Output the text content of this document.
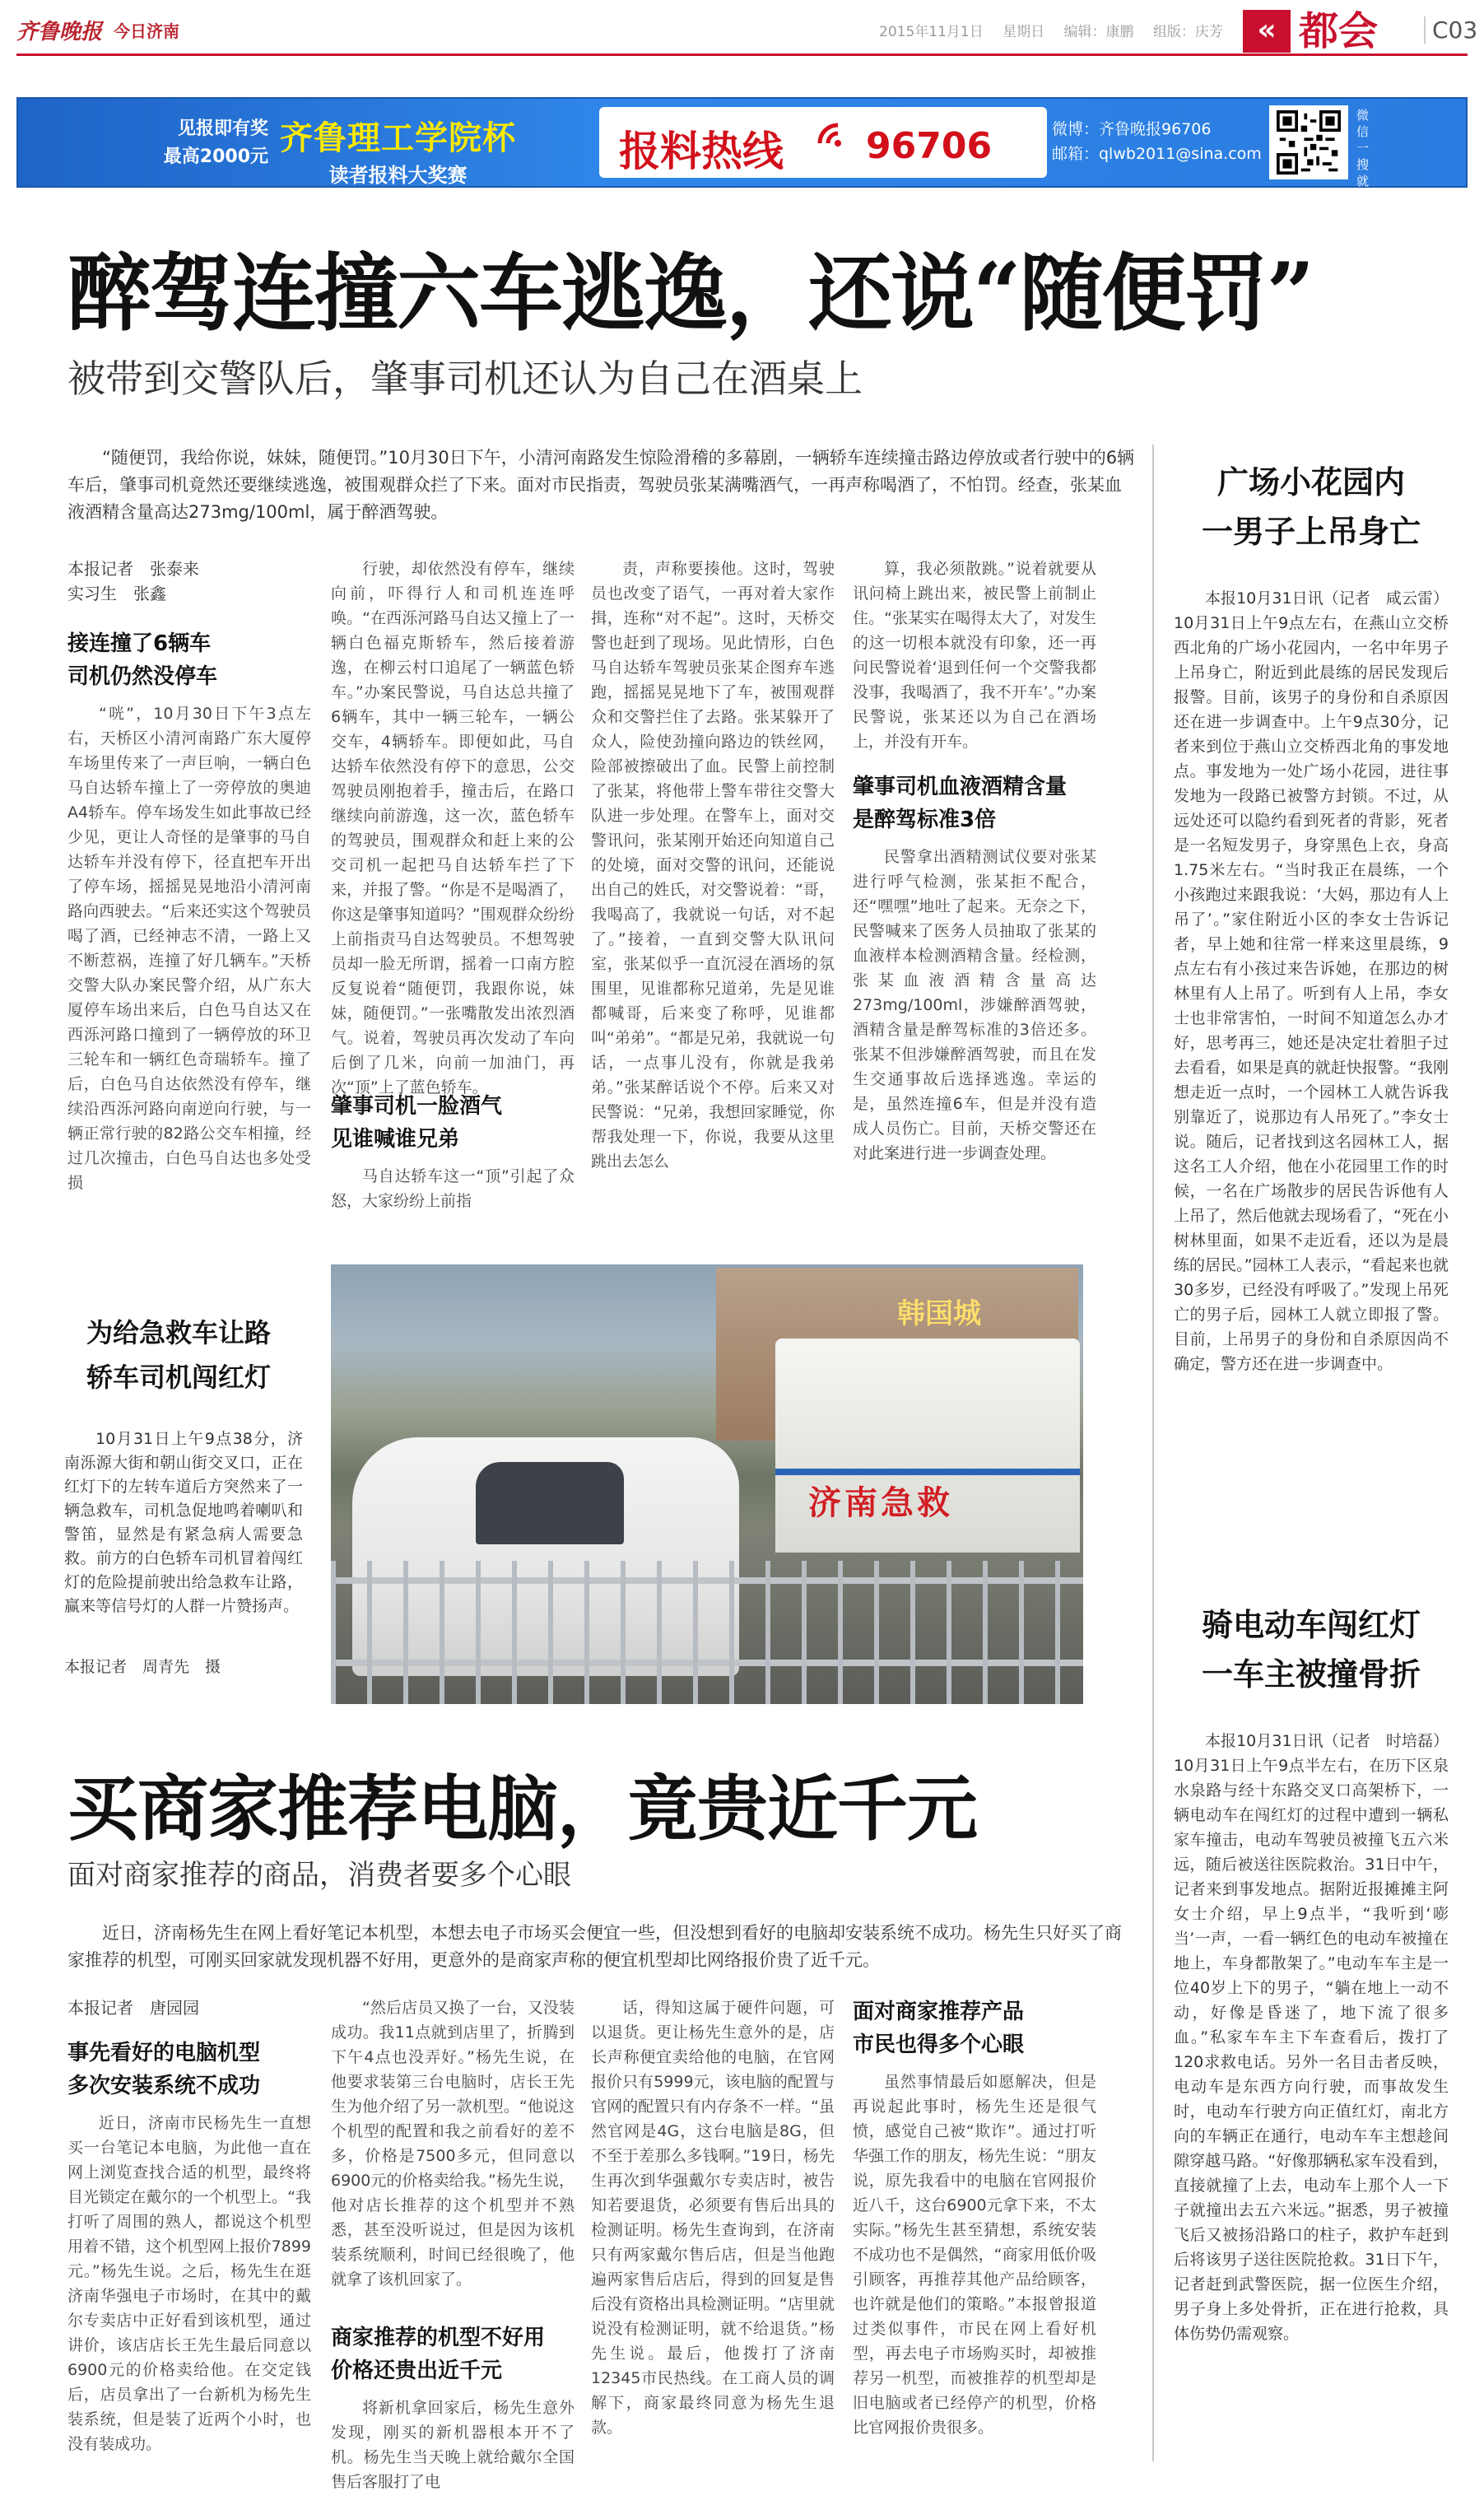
齐鲁晚报 今日济南	2015年11月1日 星期日 编辑：康鹏 组版：庆芳	« 都会	C03
见报即有奖
最高2000元 齐鲁理工学院杯
读者报料大奖赛	报料热线 96706	微博：齐鲁晚报96706
邮箱：qlwb2011@sina.com
微信一搜就订
醉驾连撞六车逃逸，还说“随便罚”
被带到交警队后，肇事司机还认为自己在酒桌上
“随便罚，我给你说，妹妹，随便罚。”10月30日下午，小清河南路发生惊险滑稽的多幕剧，一辆轿车连续撞击路边停放或者行驶中的6辆车后，肇事司机竟然还要继续逃逸，被围观群众拦了下来。面对市民指责，驾驶员张某满嘴酒气，一再声称喝酒了，不怕罚。经查，张某血液酒精含量高达273mg/100ml，属于醉酒驾驶。
本报记者　张泰来
实习生　张鑫
接连撞了6辆车
司机仍然没停车
“咣”，10月30日下午3点左右，天桥区小清河南路广东大厦停车场里传来了一声巨响，一辆白色马自达轿车撞上了一旁停放的奥迪A4轿车。停车场发生如此事故已经少见，更让人奇怪的是肇事的马自达轿车并没有停下，径直把车开出了停车场，摇摇晃晃地沿小清河南路向西驶去。“后来还实这个驾驶员喝了酒，已经神志不清，一路上又不断惹祸，连撞了好几辆车。”天桥交警大队办案民警介绍，从广东大厦停车场出来后，白色马自达又在西泺河路口撞到了一辆停放的环卫三轮车和一辆红色奇瑞轿车。撞了后，白色马自达依然没有停车，继续沿西泺河路向南逆向行驶，与一辆正常行驶的82路公交车相撞，经过几次撞击，白色马自达也多处受损
行驶，却依然没有停车，继续向前，吓得行人和司机连连呼唤。“在西泺河路马自达又撞上了一辆白色福克斯轿车，然后接着游逸，在柳云村口追尾了一辆蓝色轿车。”办案民警说，马自达总共撞了6辆车，其中一辆三轮车，一辆公交车，4辆轿车。即便如此，马自达轿车依然没有停下的意思，公交驾驶员刚抱着手，撞击后，在路口继续向前游逸，这一次，蓝色轿车的驾驶员，围观群众和赶上来的公交司机一起把马自达轿车拦了下来，并报了警。“你是不是喝酒了，你这是肇事知道吗？”围观群众纷纷上前指责马自达驾驶员。不想驾驶员却一脸无所谓，摇着一口南方腔反复说着“随便罚，我跟你说，妹妹，随便罚。”一张嘴散发出浓烈酒气。说着，驾驶员再次发动了车向后倒了几米，向前一加油门，再次“顶”上了蓝色轿车。
肇事司机一脸酒气
见谁喊谁兄弟
马自达轿车这一“顶”引起了众怒，大家纷纷上前指
责，声称要揍他。这时，驾驶员也改变了语气，一再对着大家作揖，连称“对不起”。这时，天桥交警也赶到了现场。见此情形，白色马自达轿车驾驶员张某企图弃车逃跑，摇摇晃晃地下了车，被围观群众和交警拦住了去路。张某躲开了众人，险使劲撞向路边的铁丝网，险部被擦破出了血。民警上前控制了张某，将他带上警车带往交警大队进一步处理。在警车上，面对交警讯问，张某刚开始还向知道自己的处境，面对交警的讯问，还能说出自己的姓氏，对交警说着：“哥，我喝高了，我就说一句话，对不起了。”接着，一直到交警大队讯问室，张某似乎一直沉浸在酒场的氛围里，见谁都称兄道弟，先是见谁都喊哥，后来变了称呼，见谁都叫“弟弟”。“都是兄弟，我就说一句话，一点事儿没有，你就是我弟弟。”张某醉话说个不停。后来又对民警说：“兄弟，我想回家睡觉，你帮我处理一下，你说，我要从这里跳出去怎么
算，我必须散跳。”说着就要从讯问椅上跳出来，被民警上前制止住。“张某实在喝得太大了，对发生的这一切根本就没有印象，还一再问民警说着‘退到任何一个交警我都没事，我喝酒了，我不开车’。”办案民警说，张某还以为自己在酒场上，并没有开车。
肇事司机血液酒精含量
是醉驾标准3倍
民警拿出酒精测试仪要对张某进行呼气检测，张某拒不配合，还“嘿嘿”地吐了起来。无奈之下，民警喊来了医务人员抽取了张某的血液样本检测酒精含量。经检测，张某血液酒精含量高达273mg/100ml，涉嫌醉酒驾驶，酒精含量是醉驾标准的3倍还多。张某不但涉嫌醉酒驾驶，而且在发生交通事故后选择逃逸。幸运的是，虽然连撞6车，但是并没有造成人员伤亡。目前，天桥交警还在对此案进行进一步调查处理。
广场小花园内
一男子上吊身亡
本报10月31日讯（记者　咸云雷）10月31日上午9点左右，在燕山立交桥西北角的广场小花园内，一名中年男子上吊身亡，附近到此晨练的居民发现后报警。目前，该男子的身份和自杀原因还在进一步调查中。上午9点30分，记者来到位于燕山立交桥西北角的事发地点。事发地为一处广场小花园，进往事发地为一段路已被警方封锁。不过，从远处还可以隐约看到死者的背影，死者是一名短发男子，身穿黑色上衣，身高1.75米左右。“当时我正在晨练，一个小孩跑过来跟我说：‘大妈，那边有人上吊了’。”家住附近小区的李女士告诉记者，早上她和往常一样来这里晨练，9点左右有小孩过来告诉她，在那边的树林里有人上吊了。听到有人上吊，李女士也非常害怕，一时间不知道怎么办才好，思考再三，她还是决定壮着胆子过去看看，如果是真的就赶快报警。“我刚想走近一点时，一个园林工人就告诉我别靠近了，说那边有人吊死了。”李女士说。随后，记者找到这名园林工人，据这名工人介绍，他在小花园里工作的时候，一名在广场散步的居民告诉他有人上吊了，然后他就去现场看了，“死在小树林里面，如果不走近看，还以为是晨练的居民。”园林工人表示，“看起来也就30多岁，已经没有呼吸了。”发现上吊死亡的男子后，园林工人就立即报了警。目前，上吊男子的身份和自杀原因尚不确定，警方还在进一步调查中。
骑电动车闯红灯
一车主被撞骨折
本报10月31日讯（记者　时培磊）10月31日上午9点半左右，在历下区泉水泉路与经十东路交叉口高架桥下，一辆电动车在闯红灯的过程中遭到一辆私家车撞击，电动车驾驶员被撞飞五六米远，随后被送往医院救治。31日中午，记者来到事发地点。据附近报摊摊主阿女士介绍，早上9点半，“我听到‘嘭当’一声，一看一辆红色的电动车被撞在地上，车身都散架了。”电动车车主是一位40岁上下的男子，“躺在地上一动不动，好像是昏迷了，地下流了很多血。”私家车车主下车查看后，拨打了120求救电话。另外一名目击者反映，电动车是东西方向行驶，而事故发生时，电动车行驶方向正值红灯，南北方向的车辆正在通行，电动车车主想趁间隙穿越马路。“好像那辆私家车没看到，直接就撞了上去，电动车上那个人一下子就撞出去五六米远。”据悉，男子被撞飞后又被扬沿路口的柱子，救护车赶到后将该男子送往医院抢救。31日下午，记者赶到武警医院，据一位医生介绍，男子身上多处骨折，正在进行抢救，具体伤势仍需观察。
韩国城
济南急救
为给急救车让路
轿车司机闯红灯
10月31日上午9点38分，济南泺源大街和朝山街交叉口，正在红灯下的左转车道后方突然来了一辆急救车，司机急促地鸣着喇叭和警笛，显然是有紧急病人需要急救。前方的白色轿车司机冒着闯红灯的危险提前驶出给急救车让路，赢来等信号灯的人群一片赞扬声。
本报记者　周青先　摄
买商家推荐电脑，竟贵近千元
面对商家推荐的商品，消费者要多个心眼
近日，济南杨先生在网上看好笔记本机型，本想去电子市场买会便宜一些，但没想到看好的电脑却安装系统不成功。杨先生只好买了商家推荐的机型，可刚买回家就发现机器不好用，更意外的是商家声称的便宜机型却比网络报价贵了近千元。
本报记者　唐园园
事先看好的电脑机型
多次安装系统不成功
近日，济南市民杨先生一直想买一台笔记本电脑，为此他一直在网上浏览查找合适的机型，最终将目光锁定在戴尔的一个机型上。“我打听了周围的熟人，都说这个机型用着不错，这个机型网上报价7899元。”杨先生说。之后，杨先生在逛济南华强电子市场时，在其中的戴尔专卖店中正好看到该机型，通过讲价，该店店长王先生最后同意以6900元的价格卖给他。在交定钱后，店员拿出了一台新机为杨先生装系统，但是装了近两个小时，也没有装成功。
“然后店员又换了一台，又没装成功。我11点就到店里了，折腾到下午4点也没弄好。”杨先生说，在他要求装第三台电脑时，店长王先生为他介绍了另一款机型。“他说这个机型的配置和我之前看好的差不多，价格是7500多元，但同意以6900元的价格卖给我。”杨先生说，他对店长推荐的这个机型并不熟悉，甚至没听说过，但是因为该机装系统顺利，时间已经很晚了，他就拿了该机回家了。
商家推荐的机型不好用
价格还贵出近千元
将新机拿回家后，杨先生意外发现，刚买的新机器根本开不了机。杨先生当天晚上就给戴尔全国售后客服打了电
话，得知这属于硬件问题，可以退货。更让杨先生意外的是，店长声称便宜卖给他的电脑，在官网报价只有5999元，该电脑的配置与官网的配置只有内存条不一样。“虽然官网是4G，这台电脑是8G，但不至于差那么多钱啊。”19日，杨先生再次到华强戴尔专卖店时，被告知若要退货，必须要有售后出具的检测证明。杨先生查询到，在济南只有两家戴尔售后店，但是当他跑遍两家售后店后，得到的回复是售后没有资格出具检测证明。“店里就说没有检测证明，就不给退货。”杨先生说。最后，他拨打了济南12345市民热线。在工商人员的调解下，商家最终同意为杨先生退款。
面对商家推荐产品
市民也得多个心眼
虽然事情最后如愿解决，但是再说起此事时，杨先生还是很气愤，感觉自己被“欺诈”。通过打听华强工作的朋友，杨先生说：“朋友说，原先我看中的电脑在官网报价近八千，这台6900元拿下来，不太实际。”杨先生甚至猜想，系统安装不成功也不是偶然，“商家用低价吸引顾客，再推荐其他产品给顾客，也许就是他们的策略。”本报曾报道过类似事件，市民在网上看好机型，再去电子市场购买时，却被推荐另一机型，而被推荐的机型却是旧电脑或者已经停产的机型，价格比官网报价贵很多。
